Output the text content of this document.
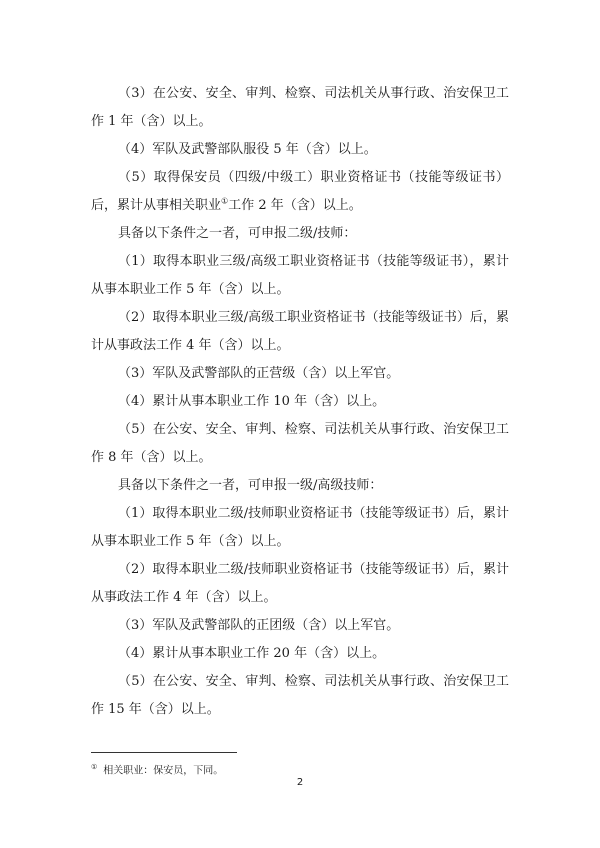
（3）在公安、安全、审判、检察、司法机关从事行政、治安保卫工作 1 年（含）以上。

（4）军队及武警部队服役 5 年（含）以上。

（5）取得保安员（四级/中级工）职业资格证书（技能等级证书）后，累计从事相关职业①工作 2 年（含）以上。

具备以下条件之一者，可申报二级/技师：

（1）取得本职业三级/高级工职业资格证书（技能等级证书），累计从事本职业工作 5 年（含）以上。

（2）取得本职业三级/高级工职业资格证书（技能等级证书）后，累计从事政法工作 4 年（含）以上。

（3）军队及武警部队的正营级（含）以上军官。

（4）累计从事本职业工作 10 年（含）以上。

（5）在公安、安全、审判、检察、司法机关从事行政、治安保卫工作 8 年（含）以上。

具备以下条件之一者，可申报一级/高级技师：

（1）取得本职业二级/技师职业资格证书（技能等级证书）后，累计从事本职业工作 5 年（含）以上。

（2）取得本职业二级/技师职业资格证书（技能等级证书）后，累计从事政法工作 4 年（含）以上。

（3）军队及武警部队的正团级（含）以上军官。

（4）累计从事本职业工作 20 年（含）以上。

（5）在公安、安全、审判、检察、司法机关从事行政、治安保卫工作 15 年（含）以上。

① 相关职业：保安员，下同。
2
